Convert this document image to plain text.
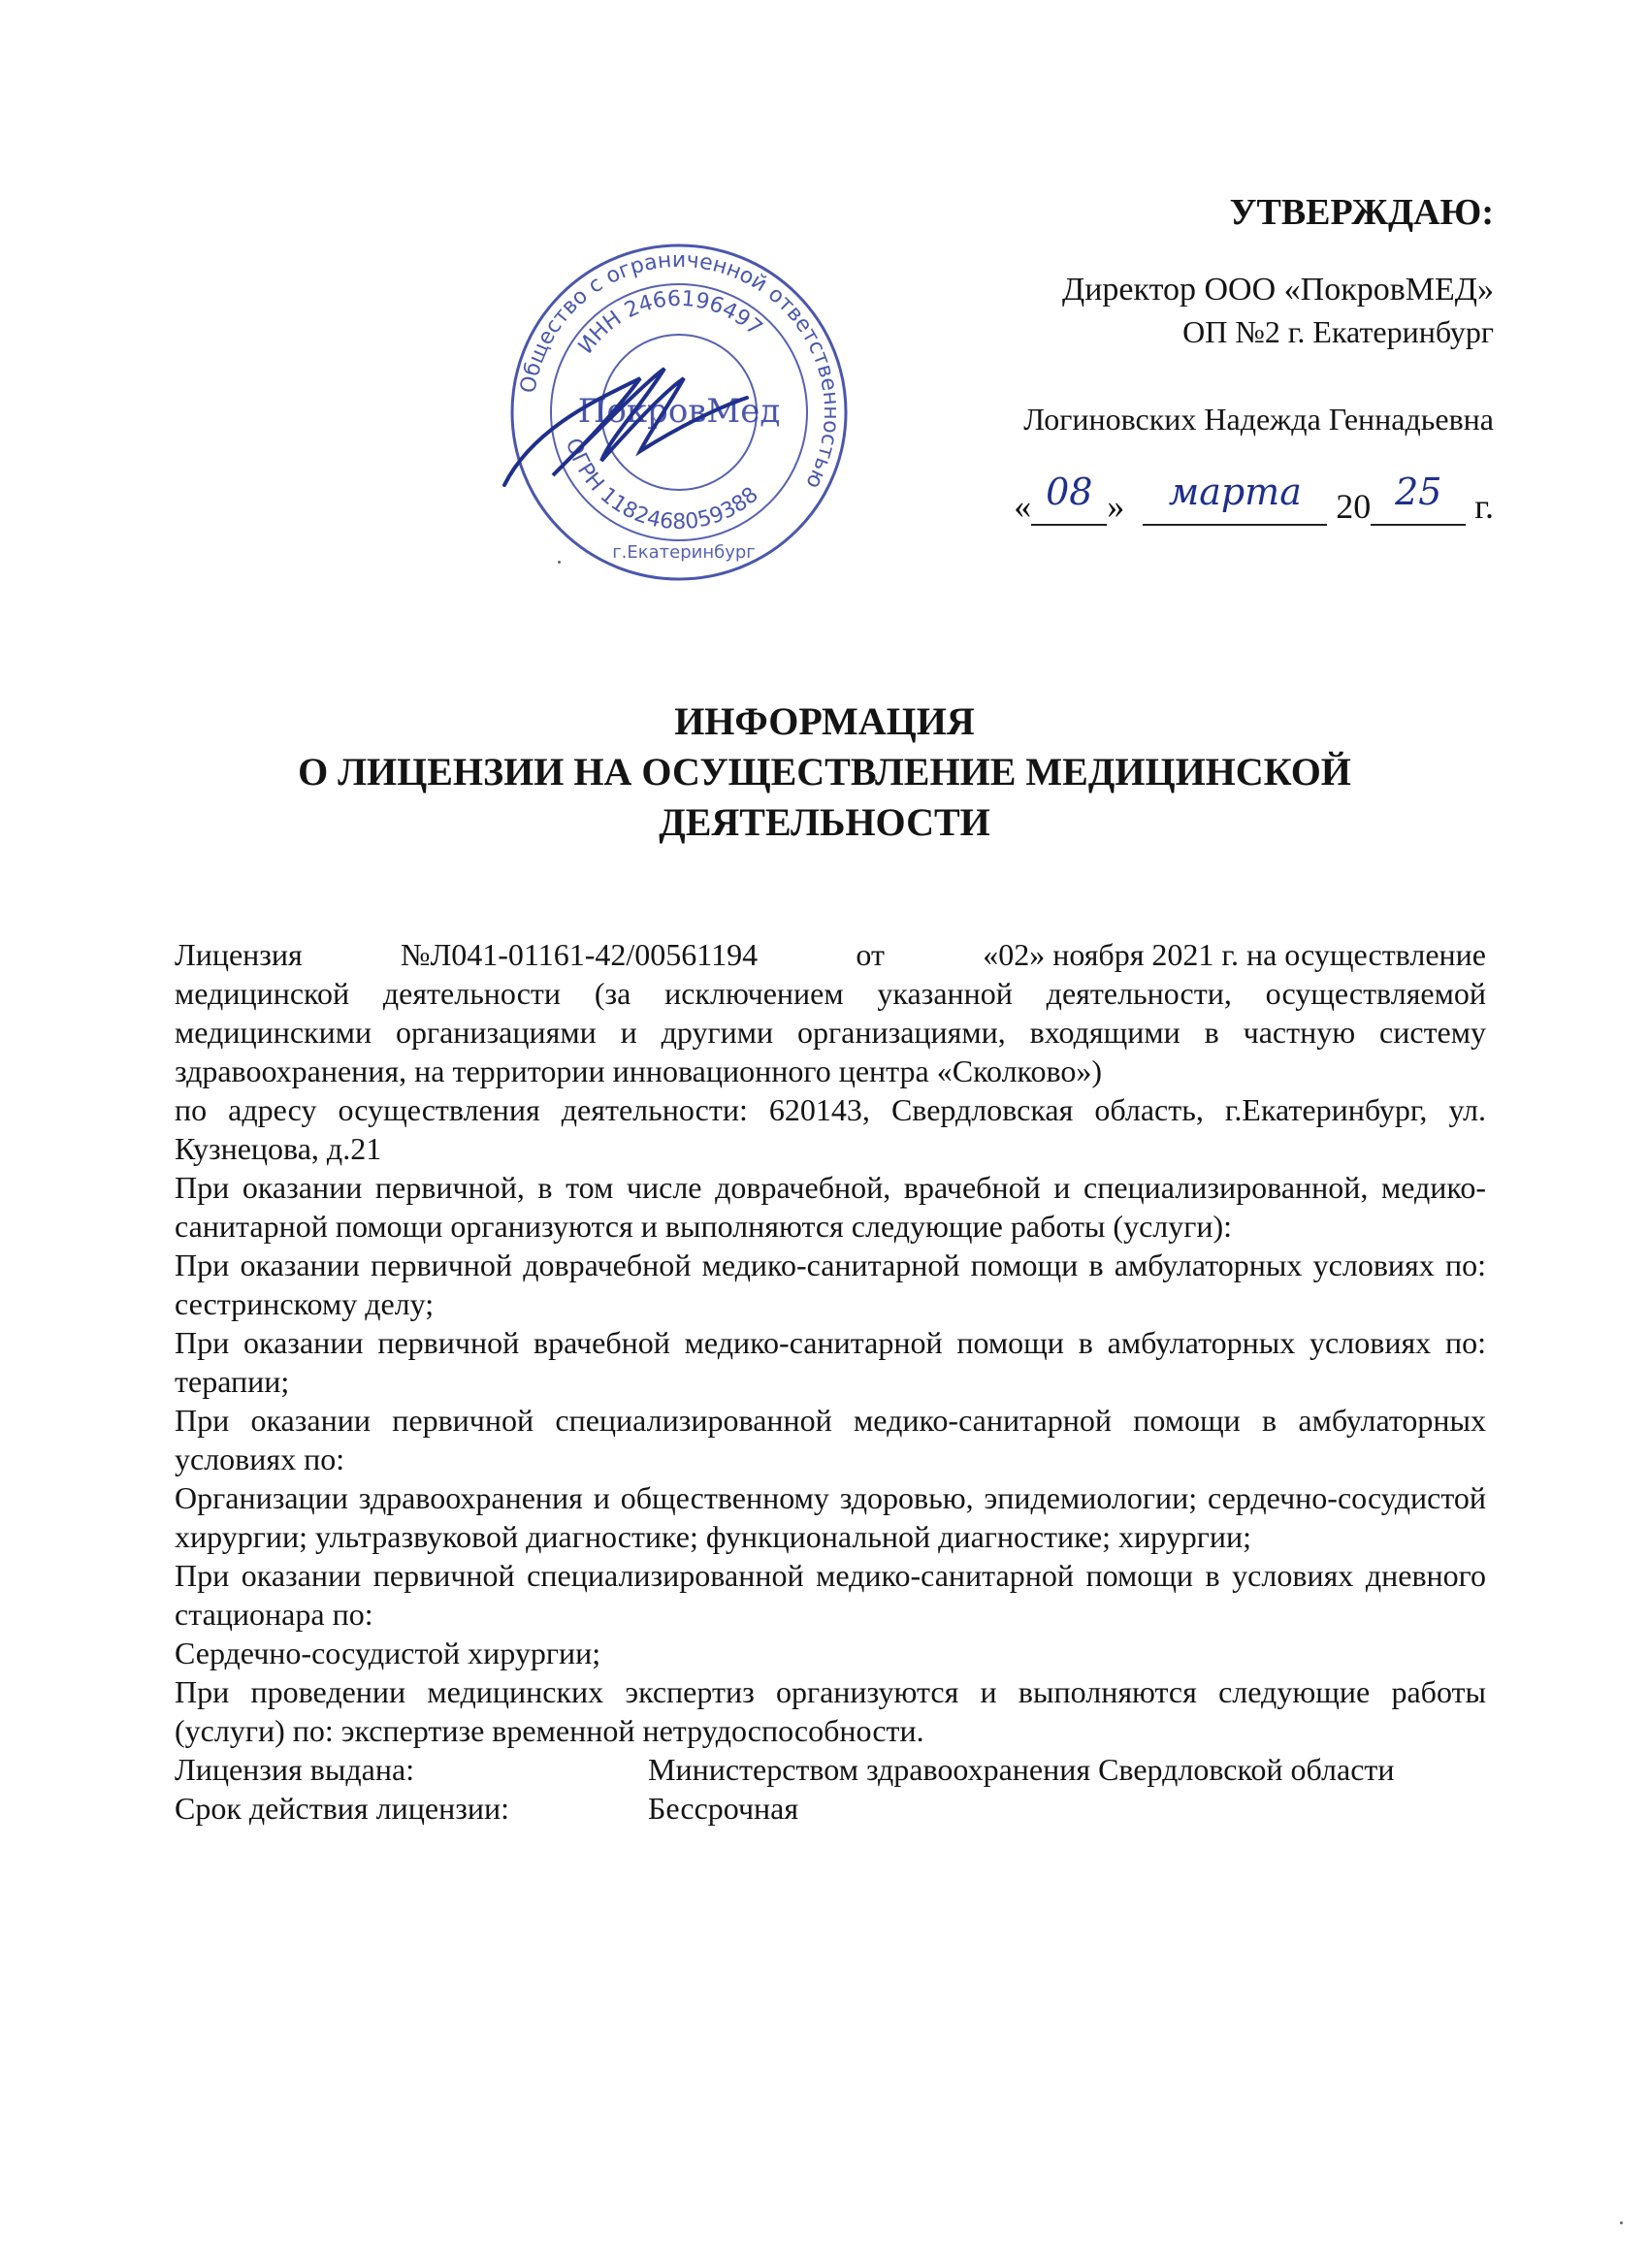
УТВЕРЖДАЮ:
Директор ООО «ПокровМЕД»
ОП №2 г. Екатеринбург
Логиновских Надежда Геннадьевна
« 08 » марта 20 25 г.
Общество с ограниченной ответственностью
ИНН 2466196497
ОГРН 1182468059388
ПокровМед
г.Екатеринбург
ИНФОРМАЦИЯ
О ЛИЦЕНЗИИ НА ОСУЩЕСТВЛЕНИЕ МЕДИЦИНСКОЙ
ДЕЯТЕЛЬНОСТИ
Лицензия	№Л041-01161-42/00561194	от	«02» ноября 2021 г. на осуществление

медицинской деятельности (за исключением указанной деятельности, осуществляемой медицинскими организациями и другими организациями, входящими в частную систему здравоохранения, на территории инновационного центра «Сколково»)

по адресу осуществления деятельности: 620143, Свердловская область, г.Екатеринбург, ул. Кузнецова, д.21

При оказании первичной, в том числе доврачебной, врачебной и специализированной, медико-санитарной помощи организуются и выполняются следующие работы (услуги):

При оказании первичной доврачебной медико-санитарной помощи в амбулаторных условиях по: сестринскому делу;

При оказании первичной врачебной медико-санитарной помощи в амбулаторных условиях по: терапии;

При оказании первичной специализированной медико-санитарной помощи в амбулаторных условиях по:

Организации здравоохранения и общественному здоровью, эпидемиологии; сердечно-сосудистой хирургии; ультразвуковой диагностике; функциональной диагностике; хирургии;

При оказании первичной специализированной медико-санитарной помощи в условиях дневного стационара по:

Сердечно-сосудистой хирургии;

При проведении медицинских экспертиз организуются и выполняются следующие работы (услуги) по: экспертизе временной нетрудоспособности.

Лицензия выдана:	Министерством здравоохранения Свердловской области
Срок действия лицензии:	Бессрочная
